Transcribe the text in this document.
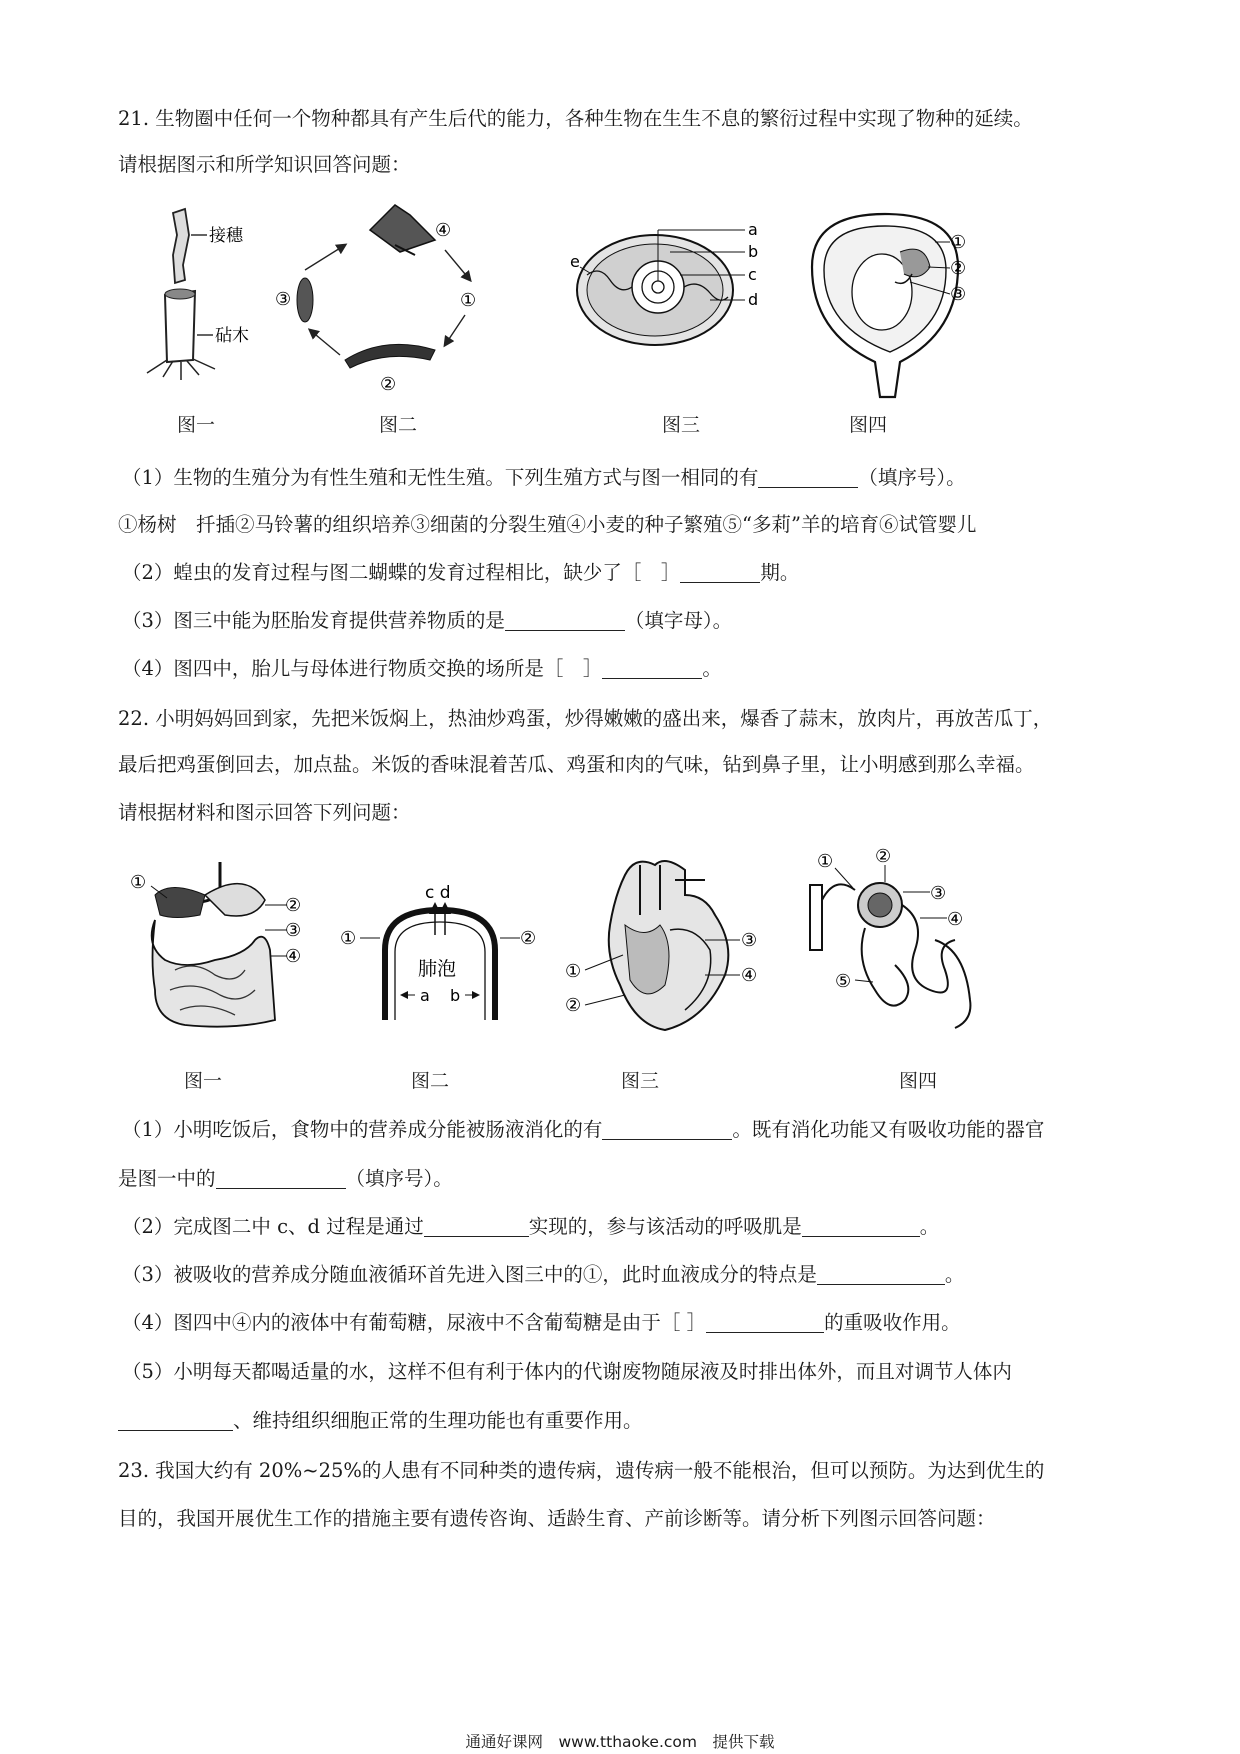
21. 生物圈中任何一个物种都具有产生后代的能力，各种生物在生生不息的繁衍过程中实现了物种的延续。
请根据图示和所学知识回答问题：
接穗
砧木
图一
④
①
②
③
图二
a
b
c
d
e
图三
①
②
③
图四
（1）生物的生殖分为有性生殖和无性生殖。下列生殖方式与图一相同的有	（填序号）。
①杨树　扦插②马铃薯的组织培养③细菌的分裂生殖④小麦的种子繁殖⑤“多莉”羊的培育⑥试管婴儿
（2）蝗虫的发育过程与图二蝴蝶的发育过程相比，缺少了［　］	期。
（3）图三中能为胚胎发育提供营养物质的是	（填字母）。
（4）图四中，胎儿与母体进行物质交换的场所是［　］	。
22. 小明妈妈回到家，先把米饭焖上，热油炒鸡蛋，炒得嫩嫩的盛出来，爆香了蒜末，放肉片，再放苦瓜丁，
最后把鸡蛋倒回去，加点盐。米饭的香味混着苦瓜、鸡蛋和肉的气味，钻到鼻子里，让小明感到那么幸福。
请根据材料和图示回答下列问题：
①
②
③
④
图一
c d
肺泡
a b
①	②
图二
①
②
③
④
图三
① ②
③
④
⑤
图四
（1）小明吃饭后，食物中的营养成分能被肠液消化的有	。既有消化功能又有吸收功能的器官
是图一中的	（填序号）。
（2）完成图二中 c、d 过程是通过	实现的，参与该活动的呼吸肌是	。
（3）被吸收的营养成分随血液循环首先进入图三中的①，此时血液成分的特点是	。
（4）图四中④内的液体中有葡萄糖，尿液中不含葡萄糖是由于［ ］	的重吸收作用。
（5）小明每天都喝适量的水，这样不但有利于体内的代谢废物随尿液及时排出体外，而且对调节人体内
、维持组织细胞正常的生理功能也有重要作用。
23. 我国大约有 20%~25%的人患有不同种类的遗传病，遗传病一般不能根治，但可以预防。为达到优生的
目的，我国开展优生工作的措施主要有遗传咨询、适龄生育、产前诊断等。请分析下列图示回答问题：
通通好课网　www.tthaoke.com　提供下载
